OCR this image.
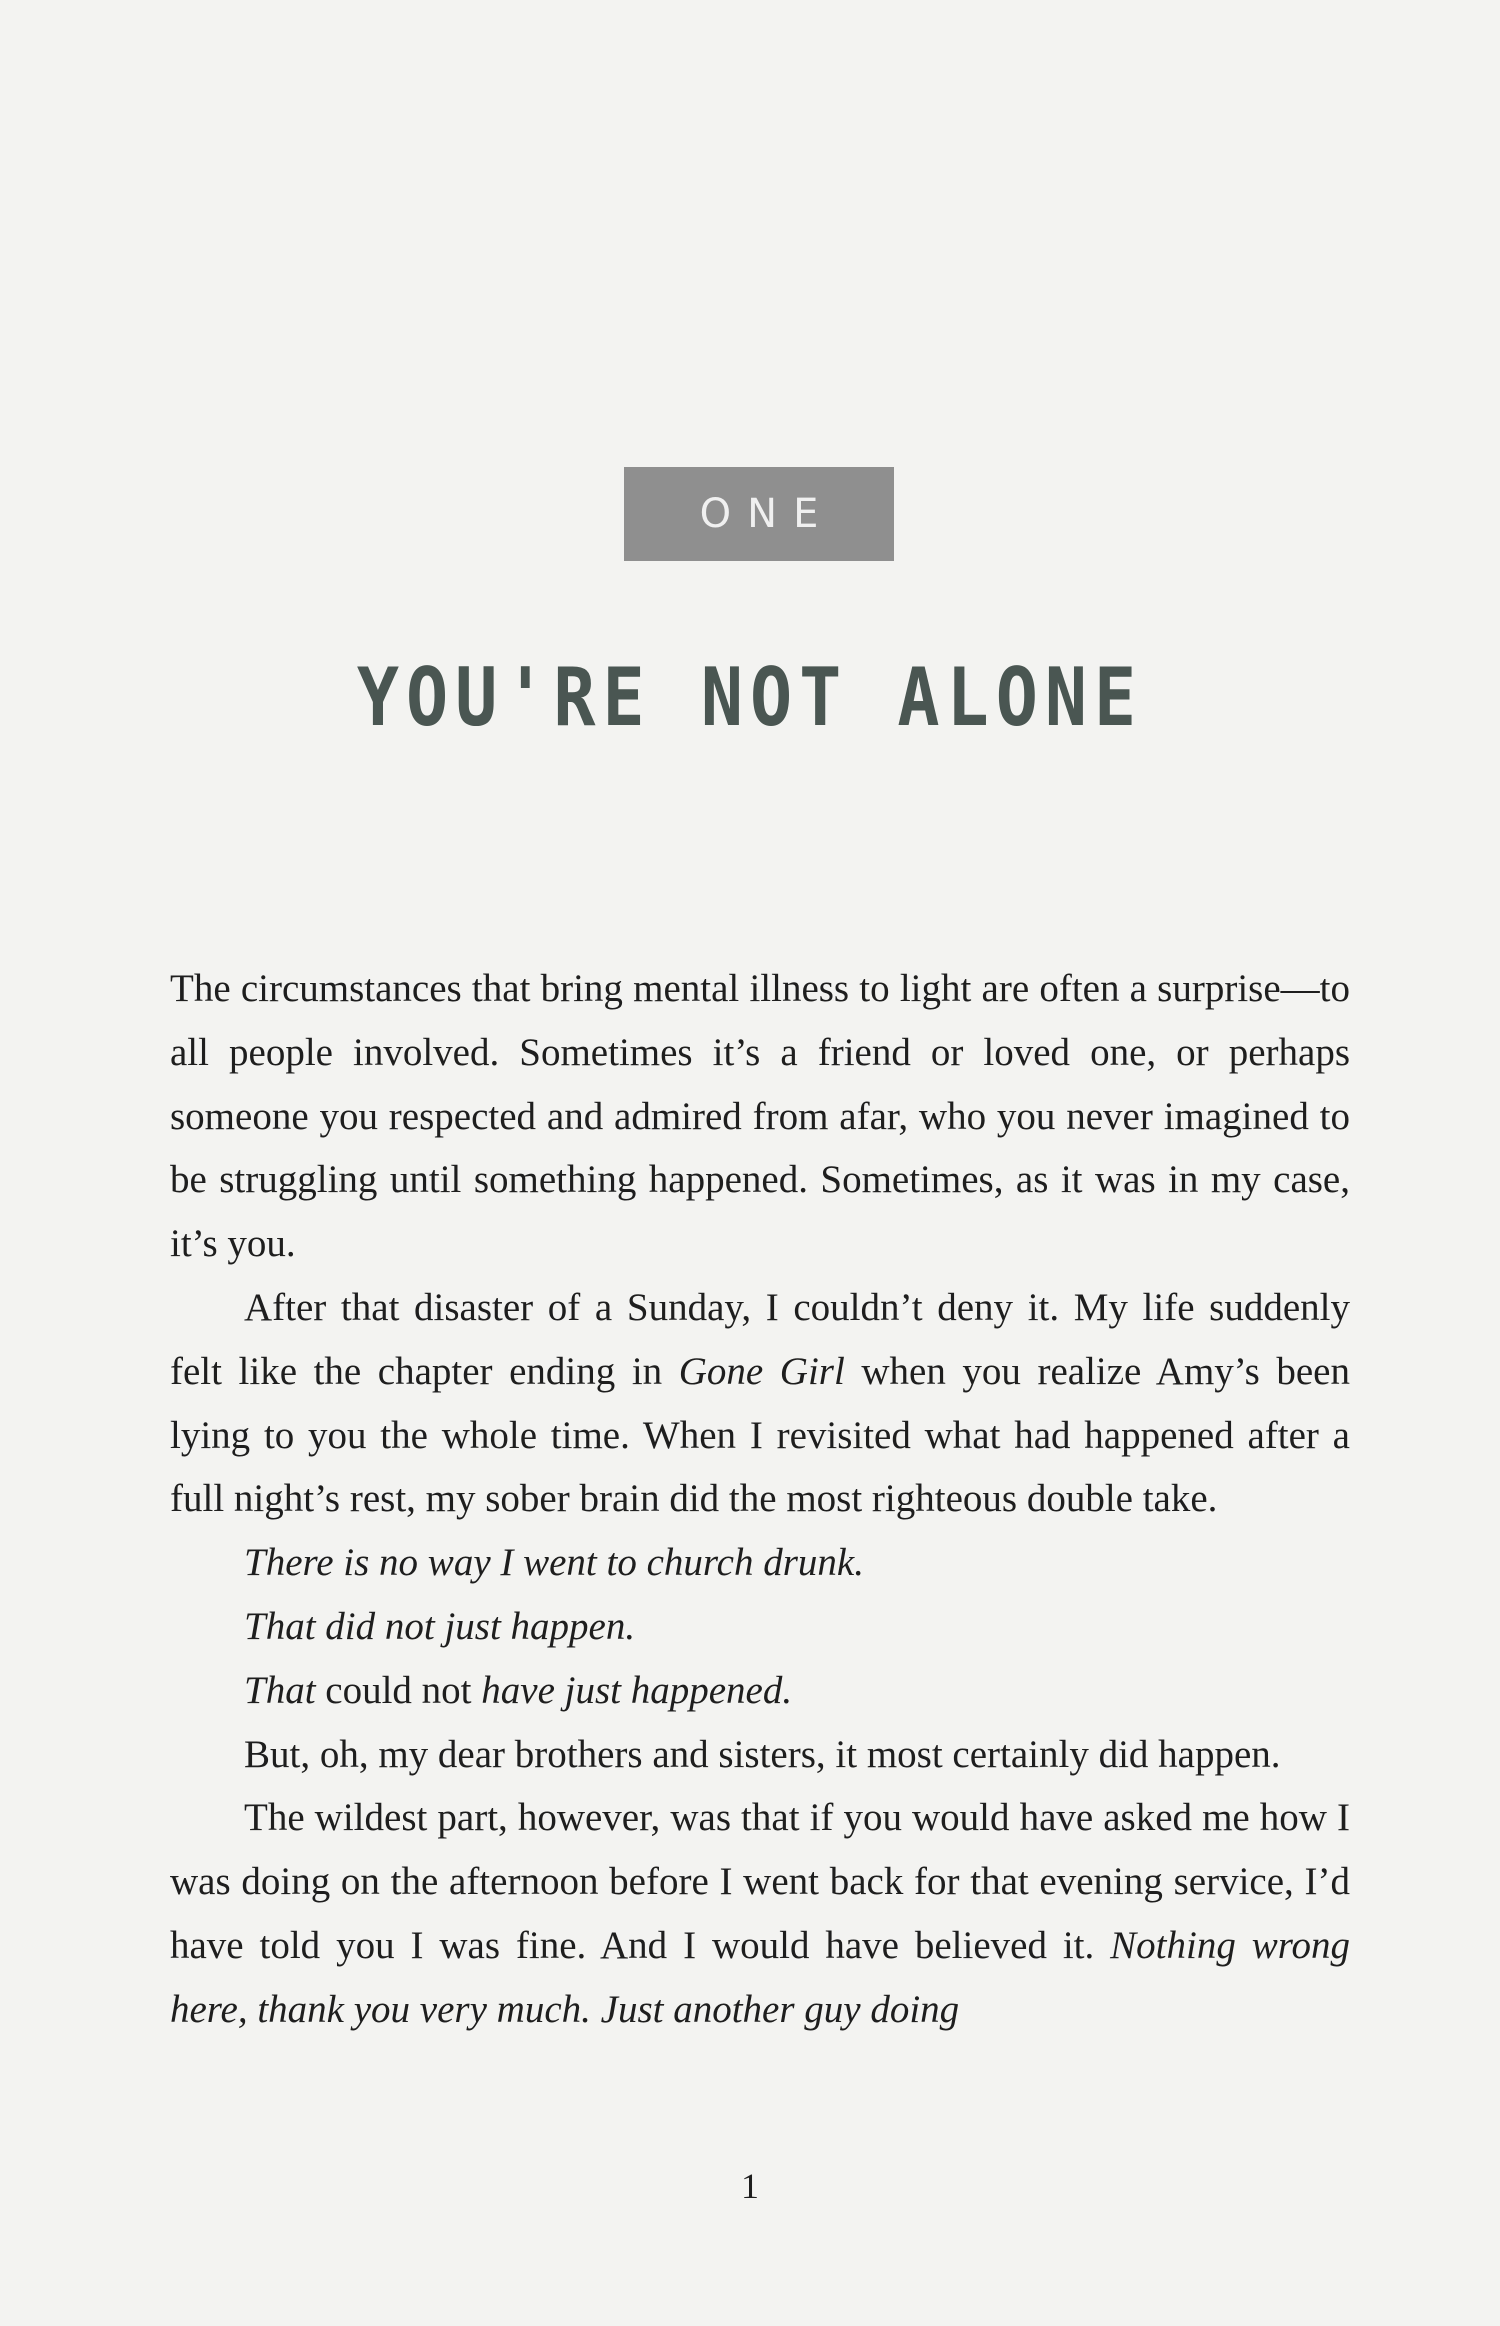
ONE
YOU'RE NOT ALONE

The circumstances that bring mental illness to light are often a surprise—to all people involved. Sometimes it’s a friend or loved one, or perhaps someone you respected and admired from afar, who you never imagined to be struggling until something happened. Sometimes, as it was in my case, it’s you.

After that disaster of a Sunday, I couldn’t deny it. My life suddenly felt like the chapter ending in Gone Girl when you realize Amy’s been lying to you the whole time. When I revisited what had happened after a full night’s rest, my sober brain did the most righteous double take.

There is no way I went to church drunk.

That did not just happen.

That could not have just happened.

But, oh, my dear brothers and sisters, it most certainly did happen.

The wildest part, however, was that if you would have asked me how I was doing on the afternoon before I went back for that evening service, I’d have told you I was fine. And I would have believed it. Nothing wrong here, thank you very much. Just another guy doing

1
